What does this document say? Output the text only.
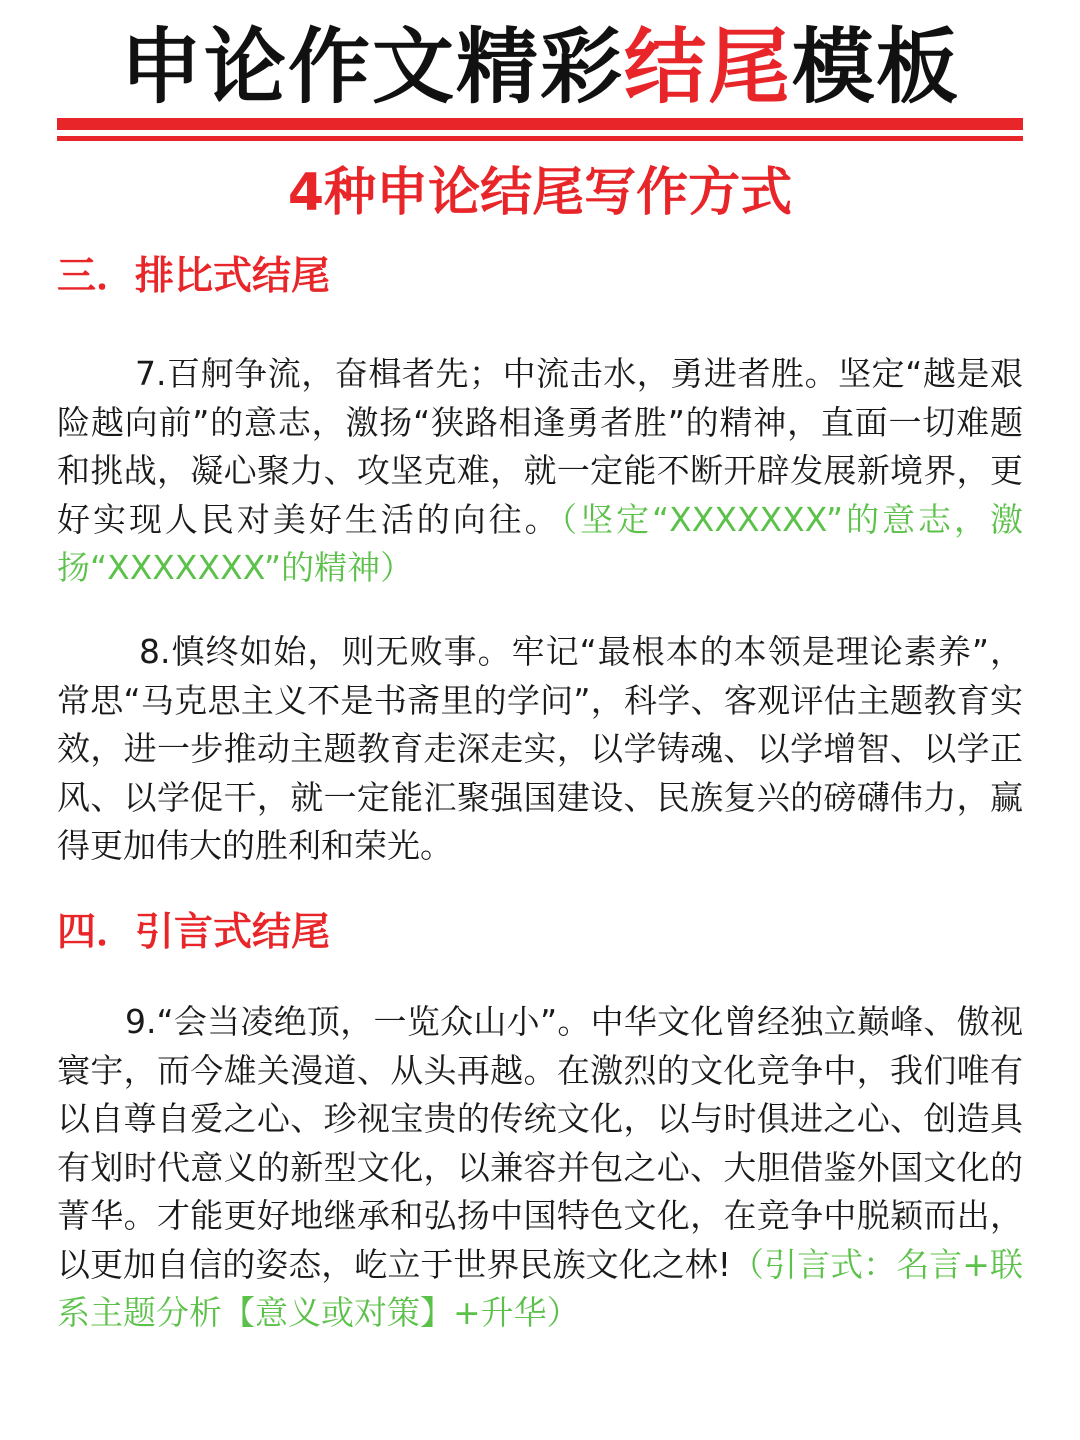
申论作文精彩结尾模板
4种申论结尾写作方式
三．排比式结尾
7.百舸争流，奋楫者先；中流击水，勇进者胜。坚定“越是艰险越向前”的意志，激扬“狭路相逢勇者胜”的精神，直面一切难题和挑战，凝心聚力、攻坚克难，就一定能不断开辟发展新境界，更好实现人民对美好生活的向往。（坚定“XXXXXXX”的意志，激扬“XXXXXXX”的精神）
8.慎终如始，则无败事。牢记“最根本的本领是理论素养”，常思“马克思主义不是书斋里的学问”，科学、客观评估主题教育实效，进一步推动主题教育走深走实，以学铸魂、以学增智、以学正风、以学促干，就一定能汇聚强国建设、民族复兴的磅礴伟力，赢得更加伟大的胜利和荣光。
四．引言式结尾
9.“会当凌绝顶，一览众山小”。中华文化曾经独立巅峰、傲视寰宇，而今雄关漫道、从头再越。在激烈的文化竞争中，我们唯有以自尊自爱之心、珍视宝贵的传统文化，以与时俱进之心、创造具有划时代意义的新型文化，以兼容并包之心、大胆借鉴外国文化的菁华。才能更好地继承和弘扬中国特色文化，在竞争中脱颖而出，以更加自信的姿态，屹立于世界民族文化之林!（引言式：名言+联系主题分析【意义或对策】+升华）
